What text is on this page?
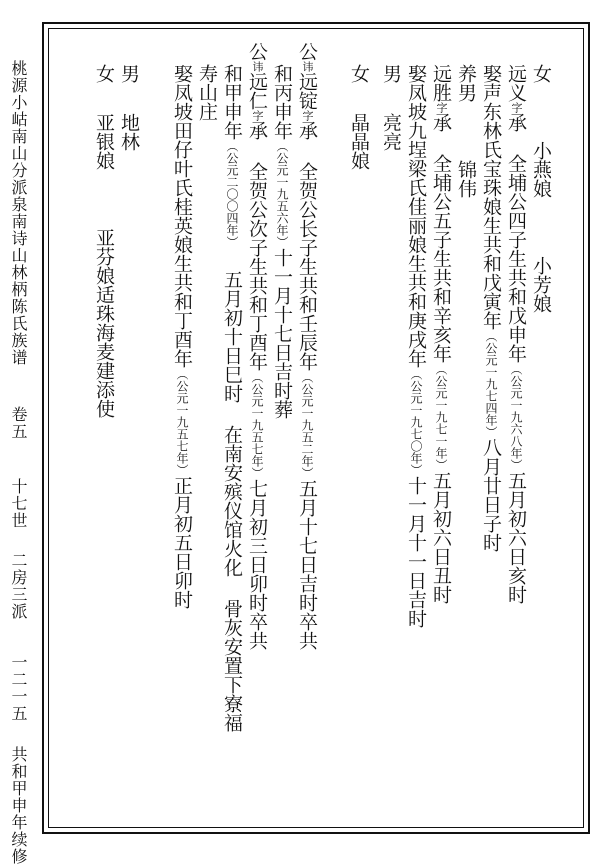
桃源小岵南山分派泉南诗山林柄陈氏族谱  卷五  十七世  二房三派  一二一五  共和甲申年续修
女小燕娘小芳娘
远义字承全埔公四子生共和戊申年（公元一九六八年）五月初六日亥时
娶声东林氏宝珠娘生共和戊寅年（公元一九七四年）八月廿日子时
养男锦伟
远胜字承全埔公五子生共和辛亥年（公元一九七一年）五月初六日丑时
娶凤坡九埕梁氏佳丽娘生共和庚戌年（公元一九七〇年）十一月十一日吉时
男亮亮
女晶晶娘
公讳远锭字承全贺公长子生共和壬辰年（公元一九五二年）五月十七日吉时卒共
和丙申年（公元一九五六年）十一月十七日吉时葬
公讳远仁字承全贺公次子生共和丁酉年（公元一九五七年）七月初三日卯时卒共
和甲申年（公元二〇〇四年）五月初十日巳时在南安殡仪馆火化骨灰安置下寮福
寿山庄
娶凤坡田仔叶氏桂英娘生共和丁酉年（公元一九五七年）正月初五日卯时
男地林
女亚银娘亚芬娘适珠海麦建添使
